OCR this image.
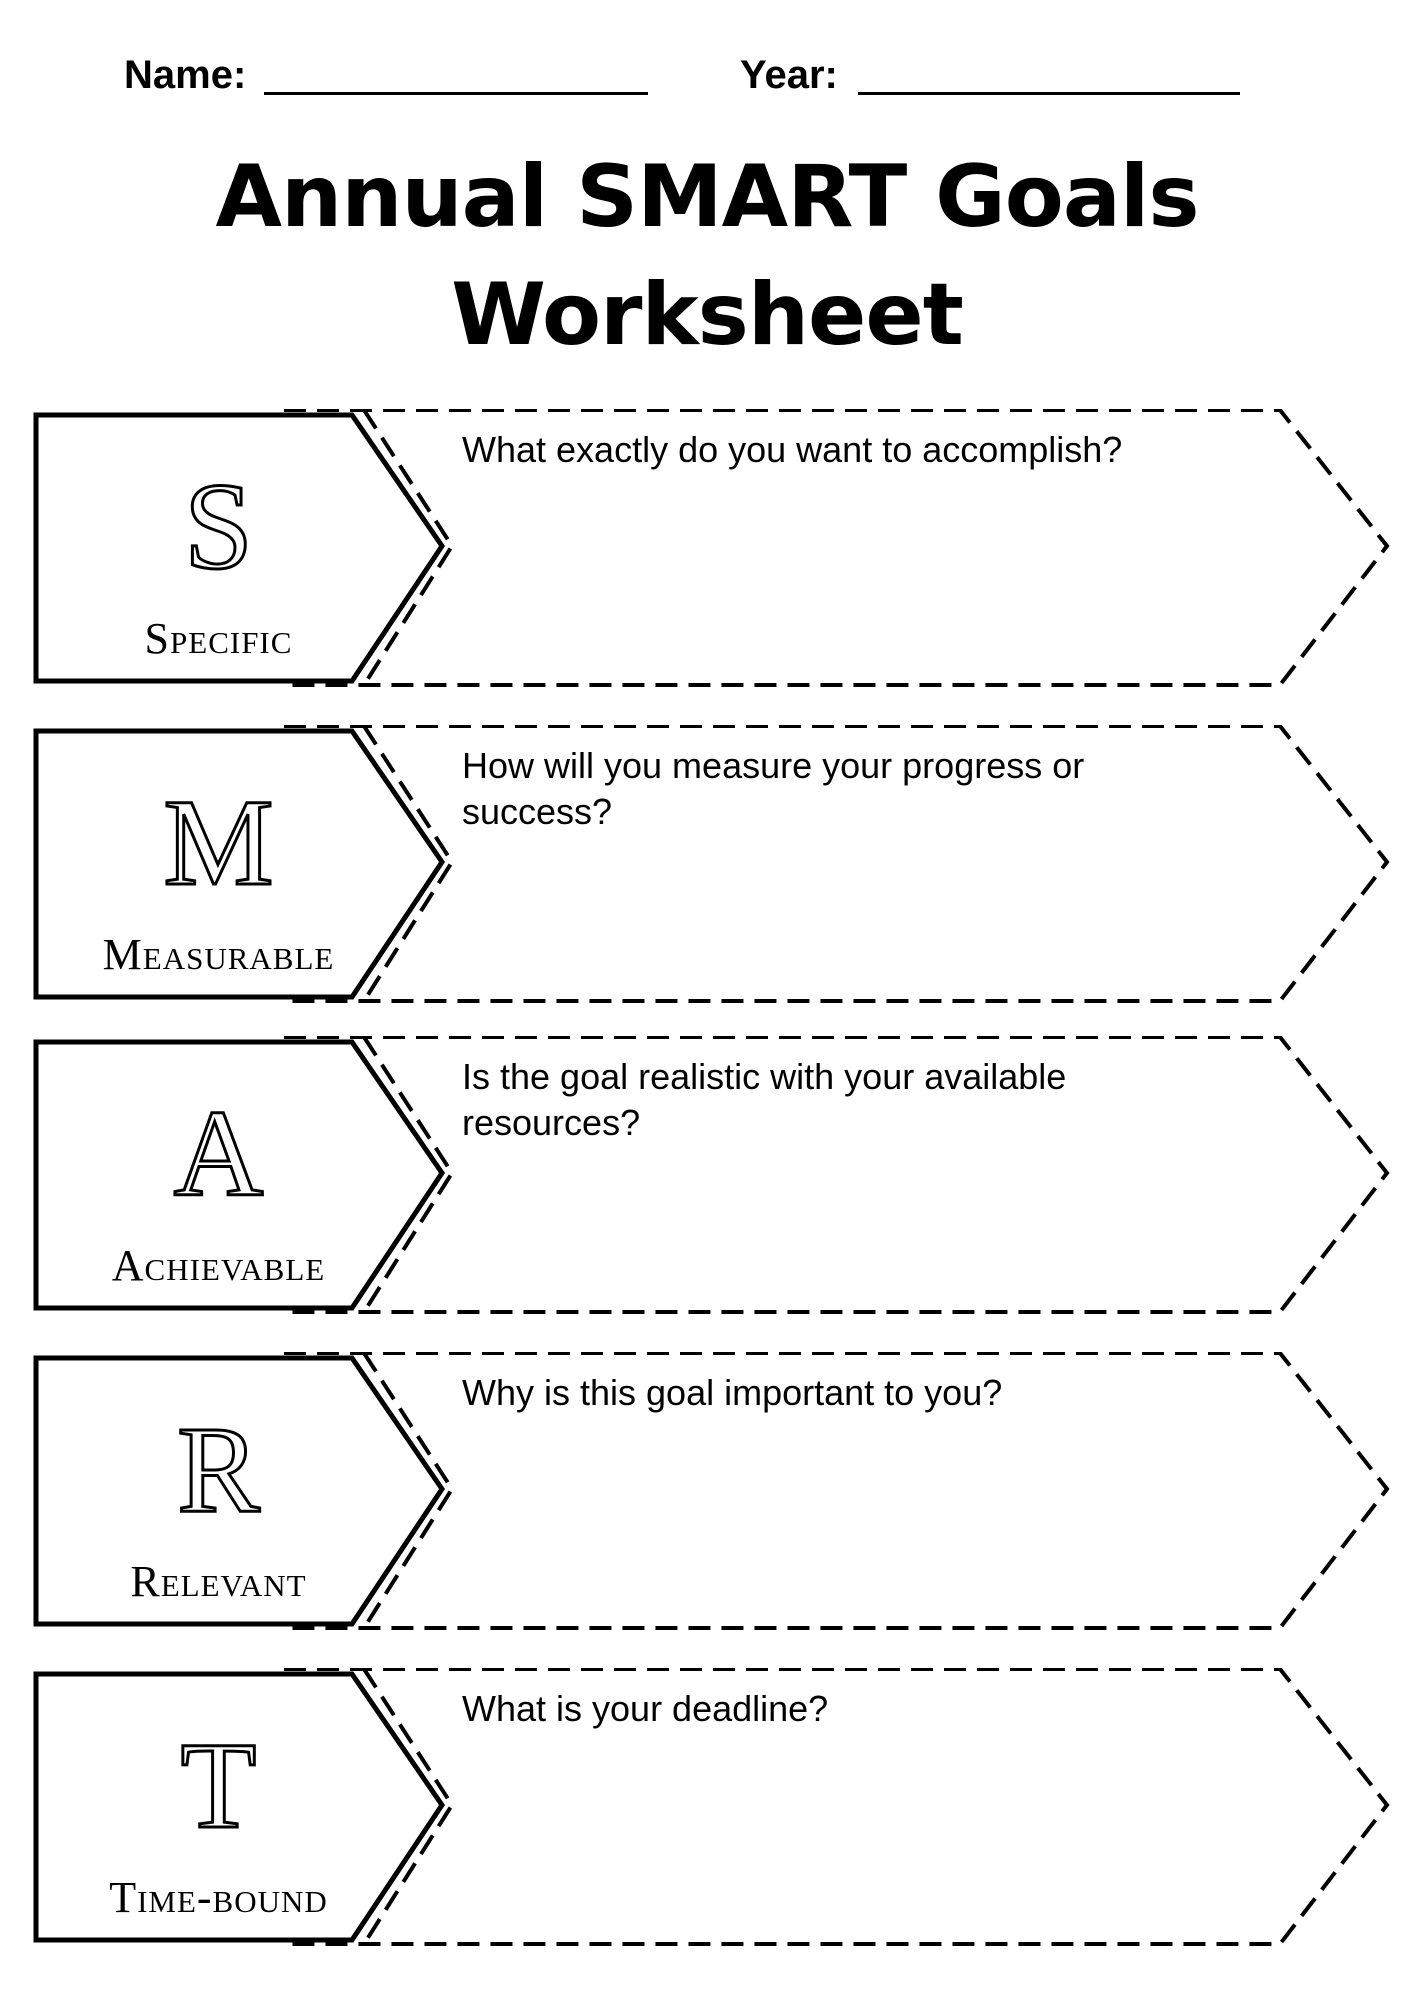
Name:	Year:
Annual SMART Goals
Worksheet
S
Specific
What exactly do you want to accomplish?
M
Measurable
How will you measure your progress or success?
A
Achievable
Is the goal realistic with your available resources?
R
Relevant
Why is this goal important to you?
T
Time-bound
What is your deadline?
